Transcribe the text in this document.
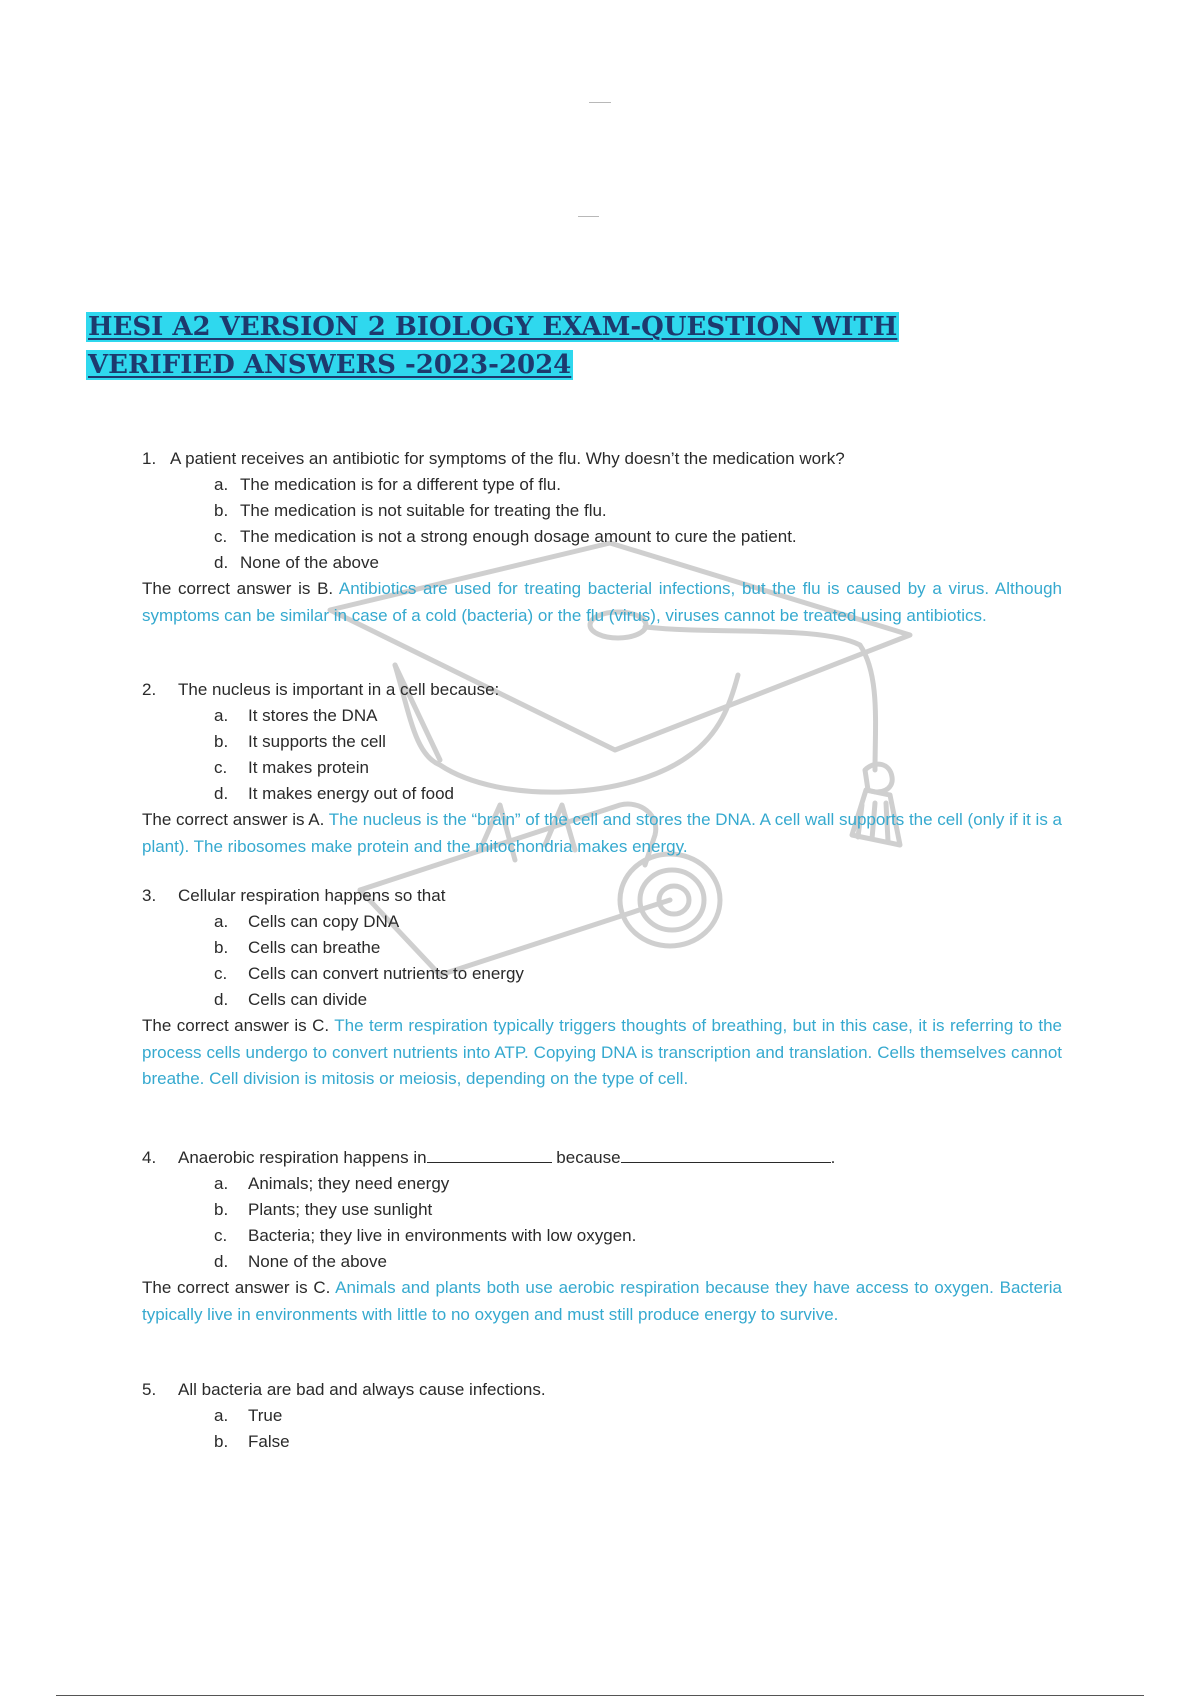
HESI A2 VERSION 2 BIOLOGY EXAM-QUESTION WITH
VERIFIED ANSWERS -2023-2024

1. A patient receives an antibiotic for symptoms of the flu. Why doesn’t the medication work?

a. The medication is for a different type of flu.
b. The medication is not suitable for treating the flu.
c. The medication is not a strong enough dosage amount to cure the patient.
d. None of the above

The correct answer is B. Antibiotics are used for treating bacterial infections, but the flu is caused by a virus. Although symptoms can be similar in case of a cold (bacteria) or the flu (virus), viruses cannot be treated using antibiotics.

2. The nucleus is important in a cell because:

a. It stores the DNA
b. It supports the cell
c. It makes protein
d. It makes energy out of food

The correct answer is A. The nucleus is the “brain” of the cell and stores the DNA. A cell wall supports the cell (only if it is a plant). The ribosomes make protein and the mitochondria makes energy.

3. Cellular respiration happens so that

a. Cells can copy DNA
b. Cells can breathe
c. Cells can convert nutrients to energy
d. Cells can divide

The correct answer is C. The term respiration typically triggers thoughts of breathing, but in this case, it is referring to the process cells undergo to convert nutrients into ATP. Copying DNA is transcription and translation. Cells themselves cannot breathe. Cell division is mitosis or meiosis, depending on the type of cell.

4. Anaerobic respiration happens in	because	.

a. Animals; they need energy
b. Plants; they use sunlight
c. Bacteria; they live in environments with low oxygen.
d. None of the above

The correct answer is C. Animals and plants both use aerobic respiration because they have access to oxygen. Bacteria typically live in environments with little to no oxygen and must still produce energy to survive.

5. All bacteria are bad and always cause infections.

a. True
b. False
